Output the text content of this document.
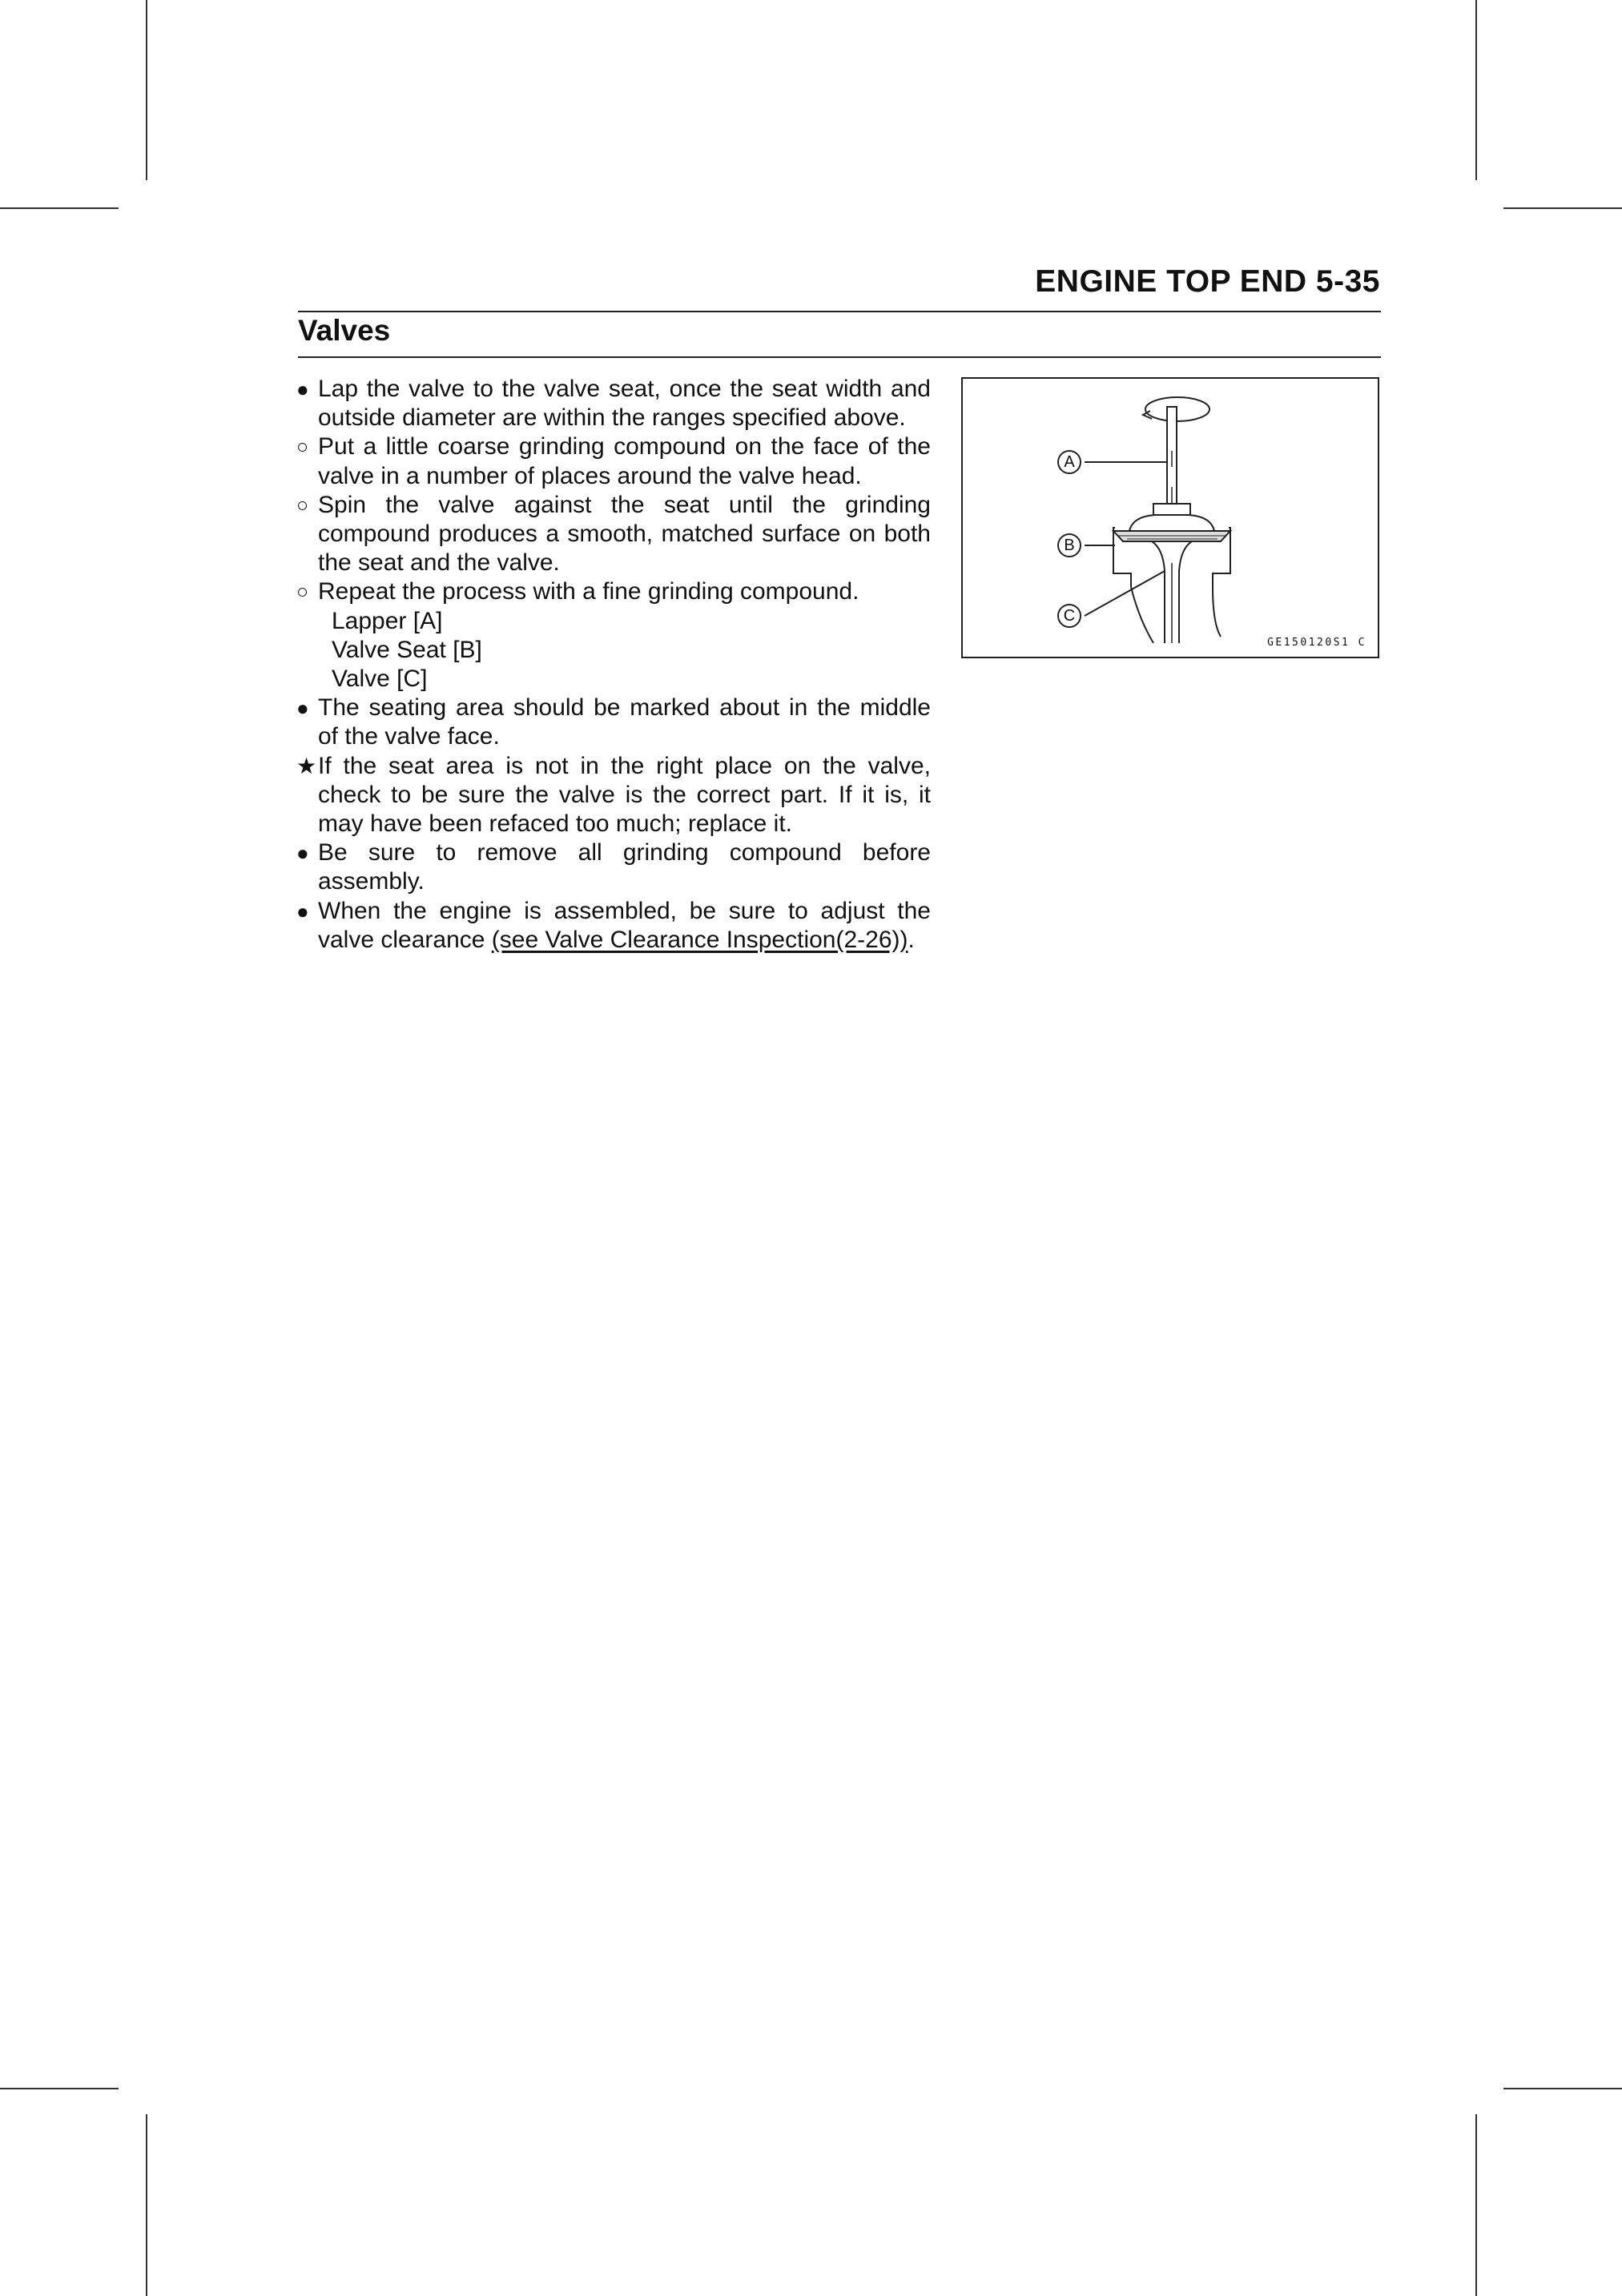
ENGINE TOP END 5-35
Valves
● Lap the valve to the valve seat, once the seat width and outside diameter are within the ranges specified above.
○ Put a little coarse grinding compound on the face of the valve in a number of places around the valve head.
○ Spin the valve against the seat until the grinding compound produces a smooth, matched surface on both the seat and the valve.
○ Repeat the process with a fine grinding compound.
Lapper [A]
Valve Seat [B]
Valve [C]
● The seating area should be marked about in the middle of the valve face.
★ If the seat area is not in the right place on the valve, check to be sure the valve is the correct part. If it is, it may have been refaced too much; replace it.
● Be sure to remove all grinding compound before assembly.
● When the engine is assembled, be sure to adjust the valve clearance (see Valve Clearance Inspection(2-26)).
A
B
C
GE150120S1 C
